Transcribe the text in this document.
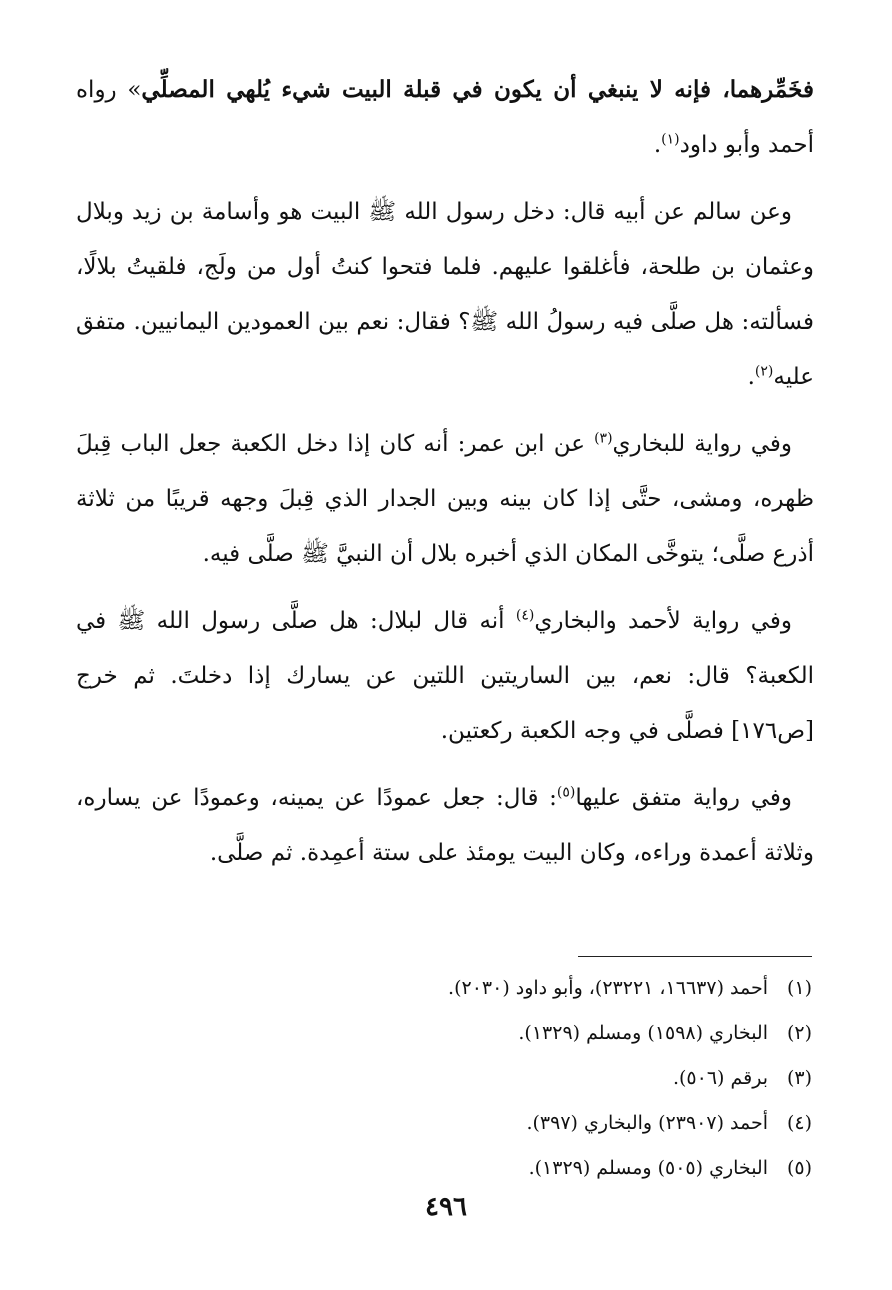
فخَمِّرهما، فإنه لا ينبغي أن يكون في قبلة البيت شيء يُلهي المصلِّي» رواه أحمد وأبو داود$^{(١)}$.

وعن سالم عن أبيه قال: دخل رسول الله ﷺ البيت هو وأسامة بن زيد وبلال وعثمان بن طلحة، فأغلقوا عليهم. فلما فتحوا كنتُ أول من ولَج، فلقيتُ بلالًا، فسألته: هل صلَّى فيه رسولُ الله ﷺ؟ فقال: نعم بين العمودين اليمانيين. متفق عليه$^{(٢)}$.

وفي رواية للبخاري$^{(٣)}$ عن ابن عمر: أنه كان إذا دخل الكعبة جعل الباب قِبلَ ظهره، ومشى، حتَّى إذا كان بينه وبين الجدار الذي قِبلَ وجهه قريبًا من ثلاثة أذرع صلَّى؛ يتوخَّى المكان الذي أخبره بلال أن النبيَّ ﷺ صلَّى فيه.

وفي رواية لأحمد والبخاري$^{(٤)}$ أنه قال لبلال: هل صلَّى رسول الله ﷺ في الكعبة؟ قال: نعم، بين الساريتين اللتين عن يسارك إذا دخلتَ. ثم خرج [ص١٧٦] فصلَّى في وجه الكعبة ركعتين.

وفي رواية متفق عليها$^{(٥)}$: قال: جعل عمودًا عن يمينه، وعمودًا عن يساره، وثلاثة أعمدة وراءه، وكان البيت يومئذ على ستة أعمِدة. ثم صلَّى.

(١)أحمد (١٦٦٣٧، ٢٣٢٢١)، وأبو داود (٢٠٣٠).
(٢)البخاري (١٥٩٨) ومسلم (١٣٢٩).
(٣)برقم (٥٠٦).
(٤)أحمد (٢٣٩٠٧) والبخاري (٣٩٧).
(٥)البخاري (٥٠٥) ومسلم (١٣٢٩).
٤٩٦
